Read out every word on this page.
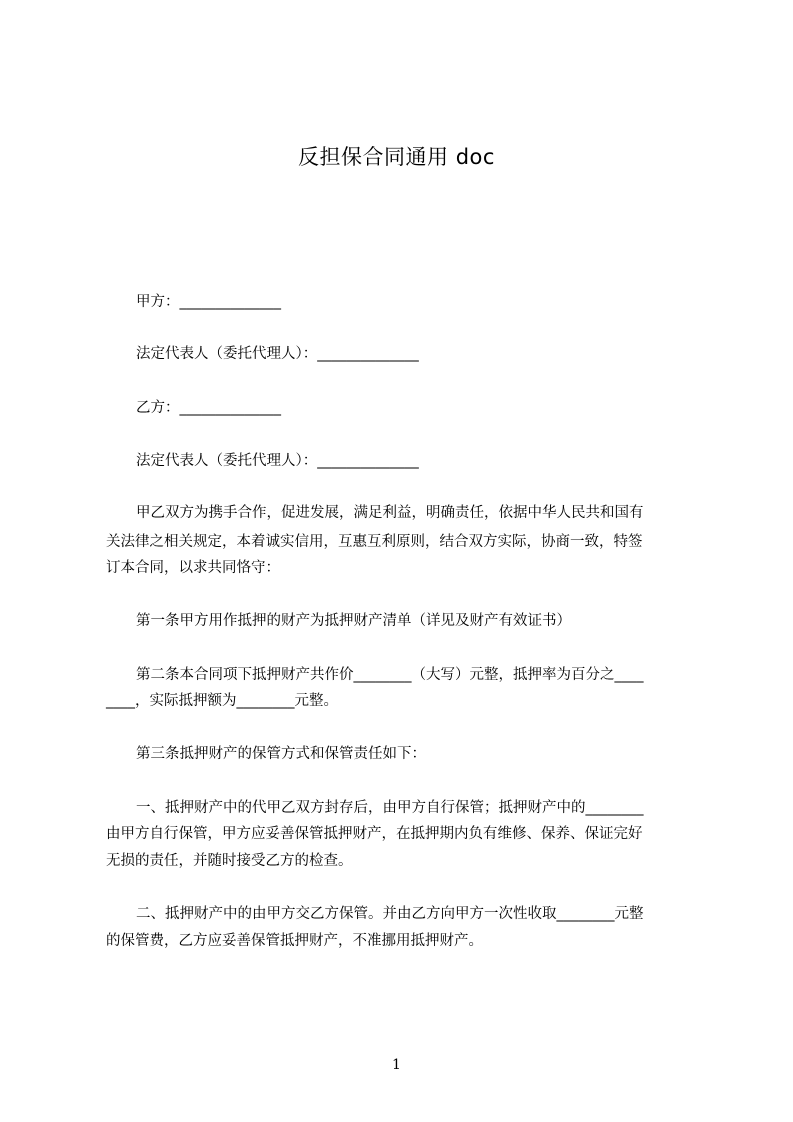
反担保合同通用 doc
甲方：______________
法定代表人（委托代理人）：______________
乙方：______________
法定代表人（委托代理人）：______________
甲乙双方为携手合作，促进发展，满足利益，明确责任，依据中华人民共和国有
关法律之相关规定，本着诚实信用，互惠互利原则，结合双方实际，协商一致，特签
订本合同，以求共同恪守：
第一条甲方用作抵押的财产为抵押财产清单（详见及财产有效证书）
第二条本合同项下抵押财产共作价________（大写）元整，抵押率为百分之____
____，实际抵押额为________元整。
第三条抵押财产的保管方式和保管责任如下：
一、抵押财产中的代甲乙双方封存后，由甲方自行保管；抵押财产中的________
由甲方自行保管，甲方应妥善保管抵押财产，在抵押期内负有维修、保养、保证完好
无损的责任，并随时接受乙方的检查。
二、抵押财产中的由甲方交乙方保管。并由乙方向甲方一次性收取________元整
的保管费，乙方应妥善保管抵押财产，不准挪用抵押财产。
1
